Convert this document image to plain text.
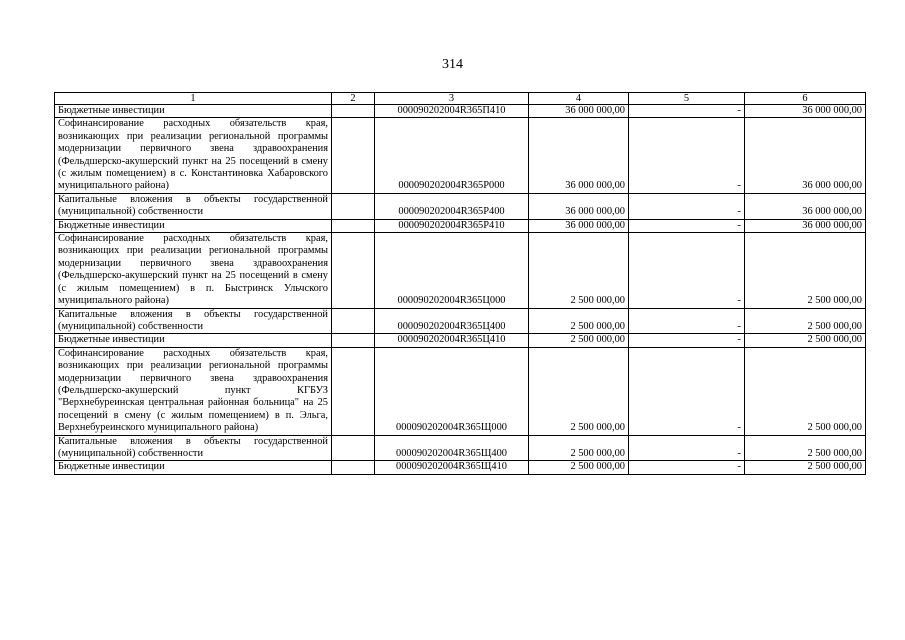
314
1	2	3	4	5	6
Бюджетные инвестиции		000090202004R365П410	36 000 000,00	-	36 000 000,00
Софинансирование расходных обязательств края, возникающих при реализации региональной программы модернизации первичного звена здравоохранения (Фельдшерско-акушерский пункт на 25 посещений в смену (с жилым помещением) в с. Константиновка Хабаровского муниципального района)		000090202004R365Р000	36 000 000,00	-	36 000 000,00
Капитальные вложения в объекты государственной (муниципальной) собственности		000090202004R365Р400	36 000 000,00	-	36 000 000,00
Бюджетные инвестиции		000090202004R365Р410	36 000 000,00	-	36 000 000,00
Софинансирование расходных обязательств края, возникающих при реализации региональной программы модернизации первичного звена здравоохранения (Фельдшерско-акушерский пункт на 25 посещений в смену (с жилым помещением) в п. Быстринск Ульчского муниципального района)		000090202004R365Ц000	2 500 000,00	-	2 500 000,00
Капитальные вложения в объекты государственной (муниципальной) собственности		000090202004R365Ц400	2 500 000,00	-	2 500 000,00
Бюджетные инвестиции		000090202004R365Ц410	2 500 000,00	-	2 500 000,00
Софинансирование расходных обязательств края, возникающих при реализации региональной программы модернизации первичного звена здравоохранения (Фельдшерско-акушерский пункт КГБУЗ "Верхнебуреинская центральная районная больница" на 25 посещений в смену (с жилым помещением) в п. Эльга, Верхнебуреинского муниципального района)		000090202004R365Щ000	2 500 000,00	-	2 500 000,00
Капитальные вложения в объекты государственной (муниципальной) собственности		000090202004R365Щ400	2 500 000,00	-	2 500 000,00
Бюджетные инвестиции		000090202004R365Щ410	2 500 000,00	-	2 500 000,00
